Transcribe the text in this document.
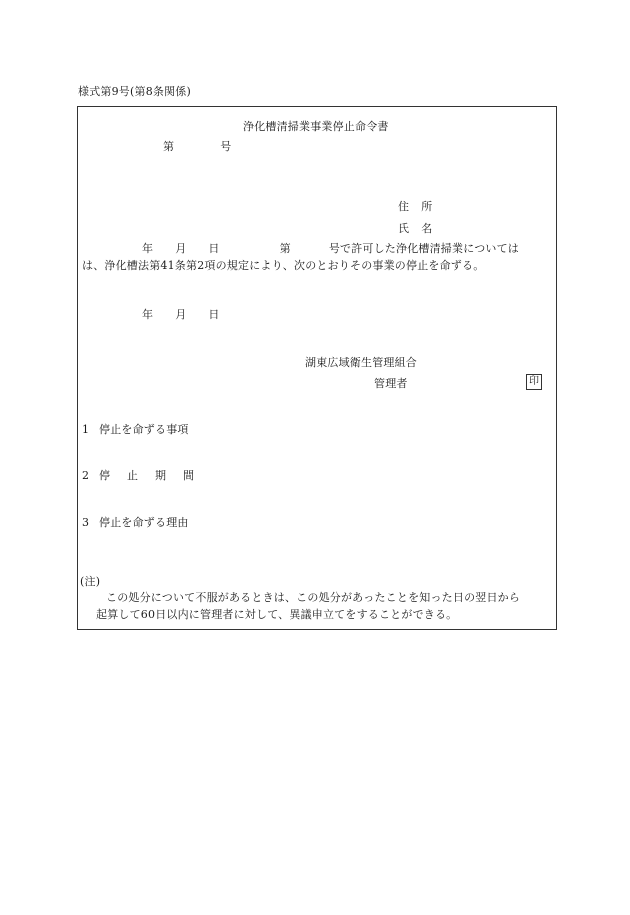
様式第9号(第8条関係)
浄化槽清掃業事業停止命令書
第	号
住 所
氏 名
年 月 日	第	号で許可した浄化槽清掃業については
は、浄化槽法第41条第2項の規定により、次のとおりその事業の停止を命ずる。
年 月 日
湖東広域衛生管理組合
管理者	印
1 停止を命ずる事項
2 停 止 期 間
3 停止を命ずる理由
(注)
この処分について不服があるときは、この処分があったことを知った日の翌日から
起算して60日以内に管理者に対して、異議申立てをすることができる。
